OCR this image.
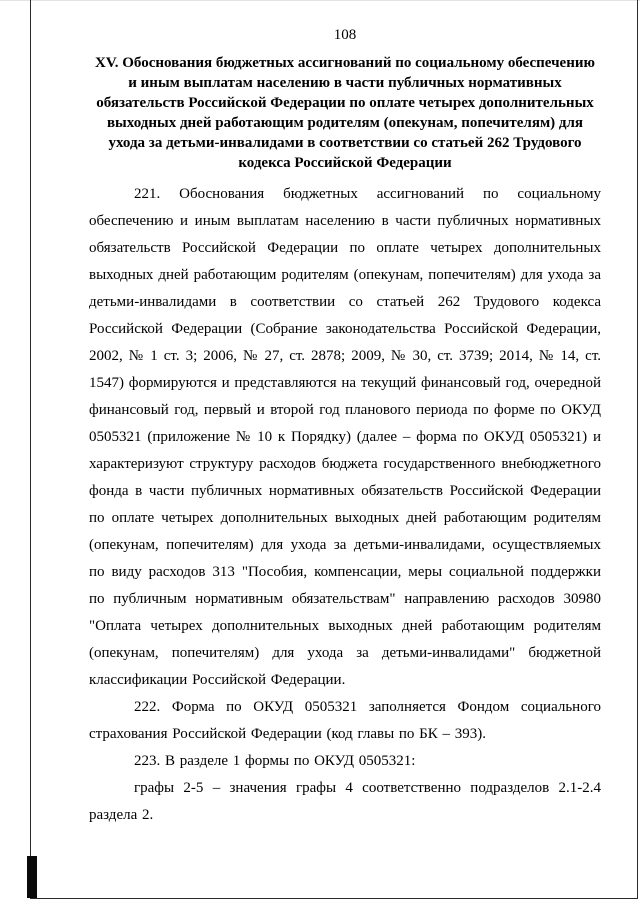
108
XV. Обоснования бюджетных ассигнований по социальному обеспечению и иным выплатам населению в части публичных нормативных обязательств Российской Федерации по оплате четырех дополнительных выходных дней работающим родителям (опекунам, попечителям) для ухода за детьми-инвалидами в соответствии со статьей 262 Трудового кодекса Российской Федерации

221. Обоснования бюджетных ассигнований по социальному обеспечению и иным выплатам населению в части публичных нормативных обязательств Российской Федерации по оплате четырех дополнительных выходных дней работающим родителям (опекунам, попечителям) для ухода за детьми-инвалидами в соответствии со статьей 262 Трудового кодекса Российской Федерации (Собрание законодательства Российской Федерации, 2002, № 1 ст. 3; 2006, № 27, ст. 2878; 2009, № 30, ст. 3739; 2014, № 14, ст. 1547) формируются и представляются на текущий финансовый год, очередной финансовый год, первый и второй год планового периода по форме по ОКУД 0505321 (приложение № 10 к Порядку) (далее – форма по ОКУД 0505321) и характеризуют структуру расходов бюджета государственного внебюджетного фонда в части публичных нормативных обязательств Российской Федерации по оплате четырех дополнительных выходных дней работающим родителям (опекунам, попечителям) для ухода за детьми-инвалидами, осуществляемых по виду расходов 313 "Пособия, компенсации, меры социальной поддержки по публичным нормативным обязательствам" направлению расходов 30980 "Оплата четырех дополнительных выходных дней работающим родителям (опекунам, попечителям) для ухода за детьми-инвалидами" бюджетной классификации Российской Федерации.

222. Форма по ОКУД 0505321 заполняется Фондом социального страхования Российской Федерации (код главы по БК – 393).

223. В разделе 1 формы по ОКУД 0505321:

графы 2-5 – значения графы 4 соответственно подразделов 2.1-2.4 раздела 2.
